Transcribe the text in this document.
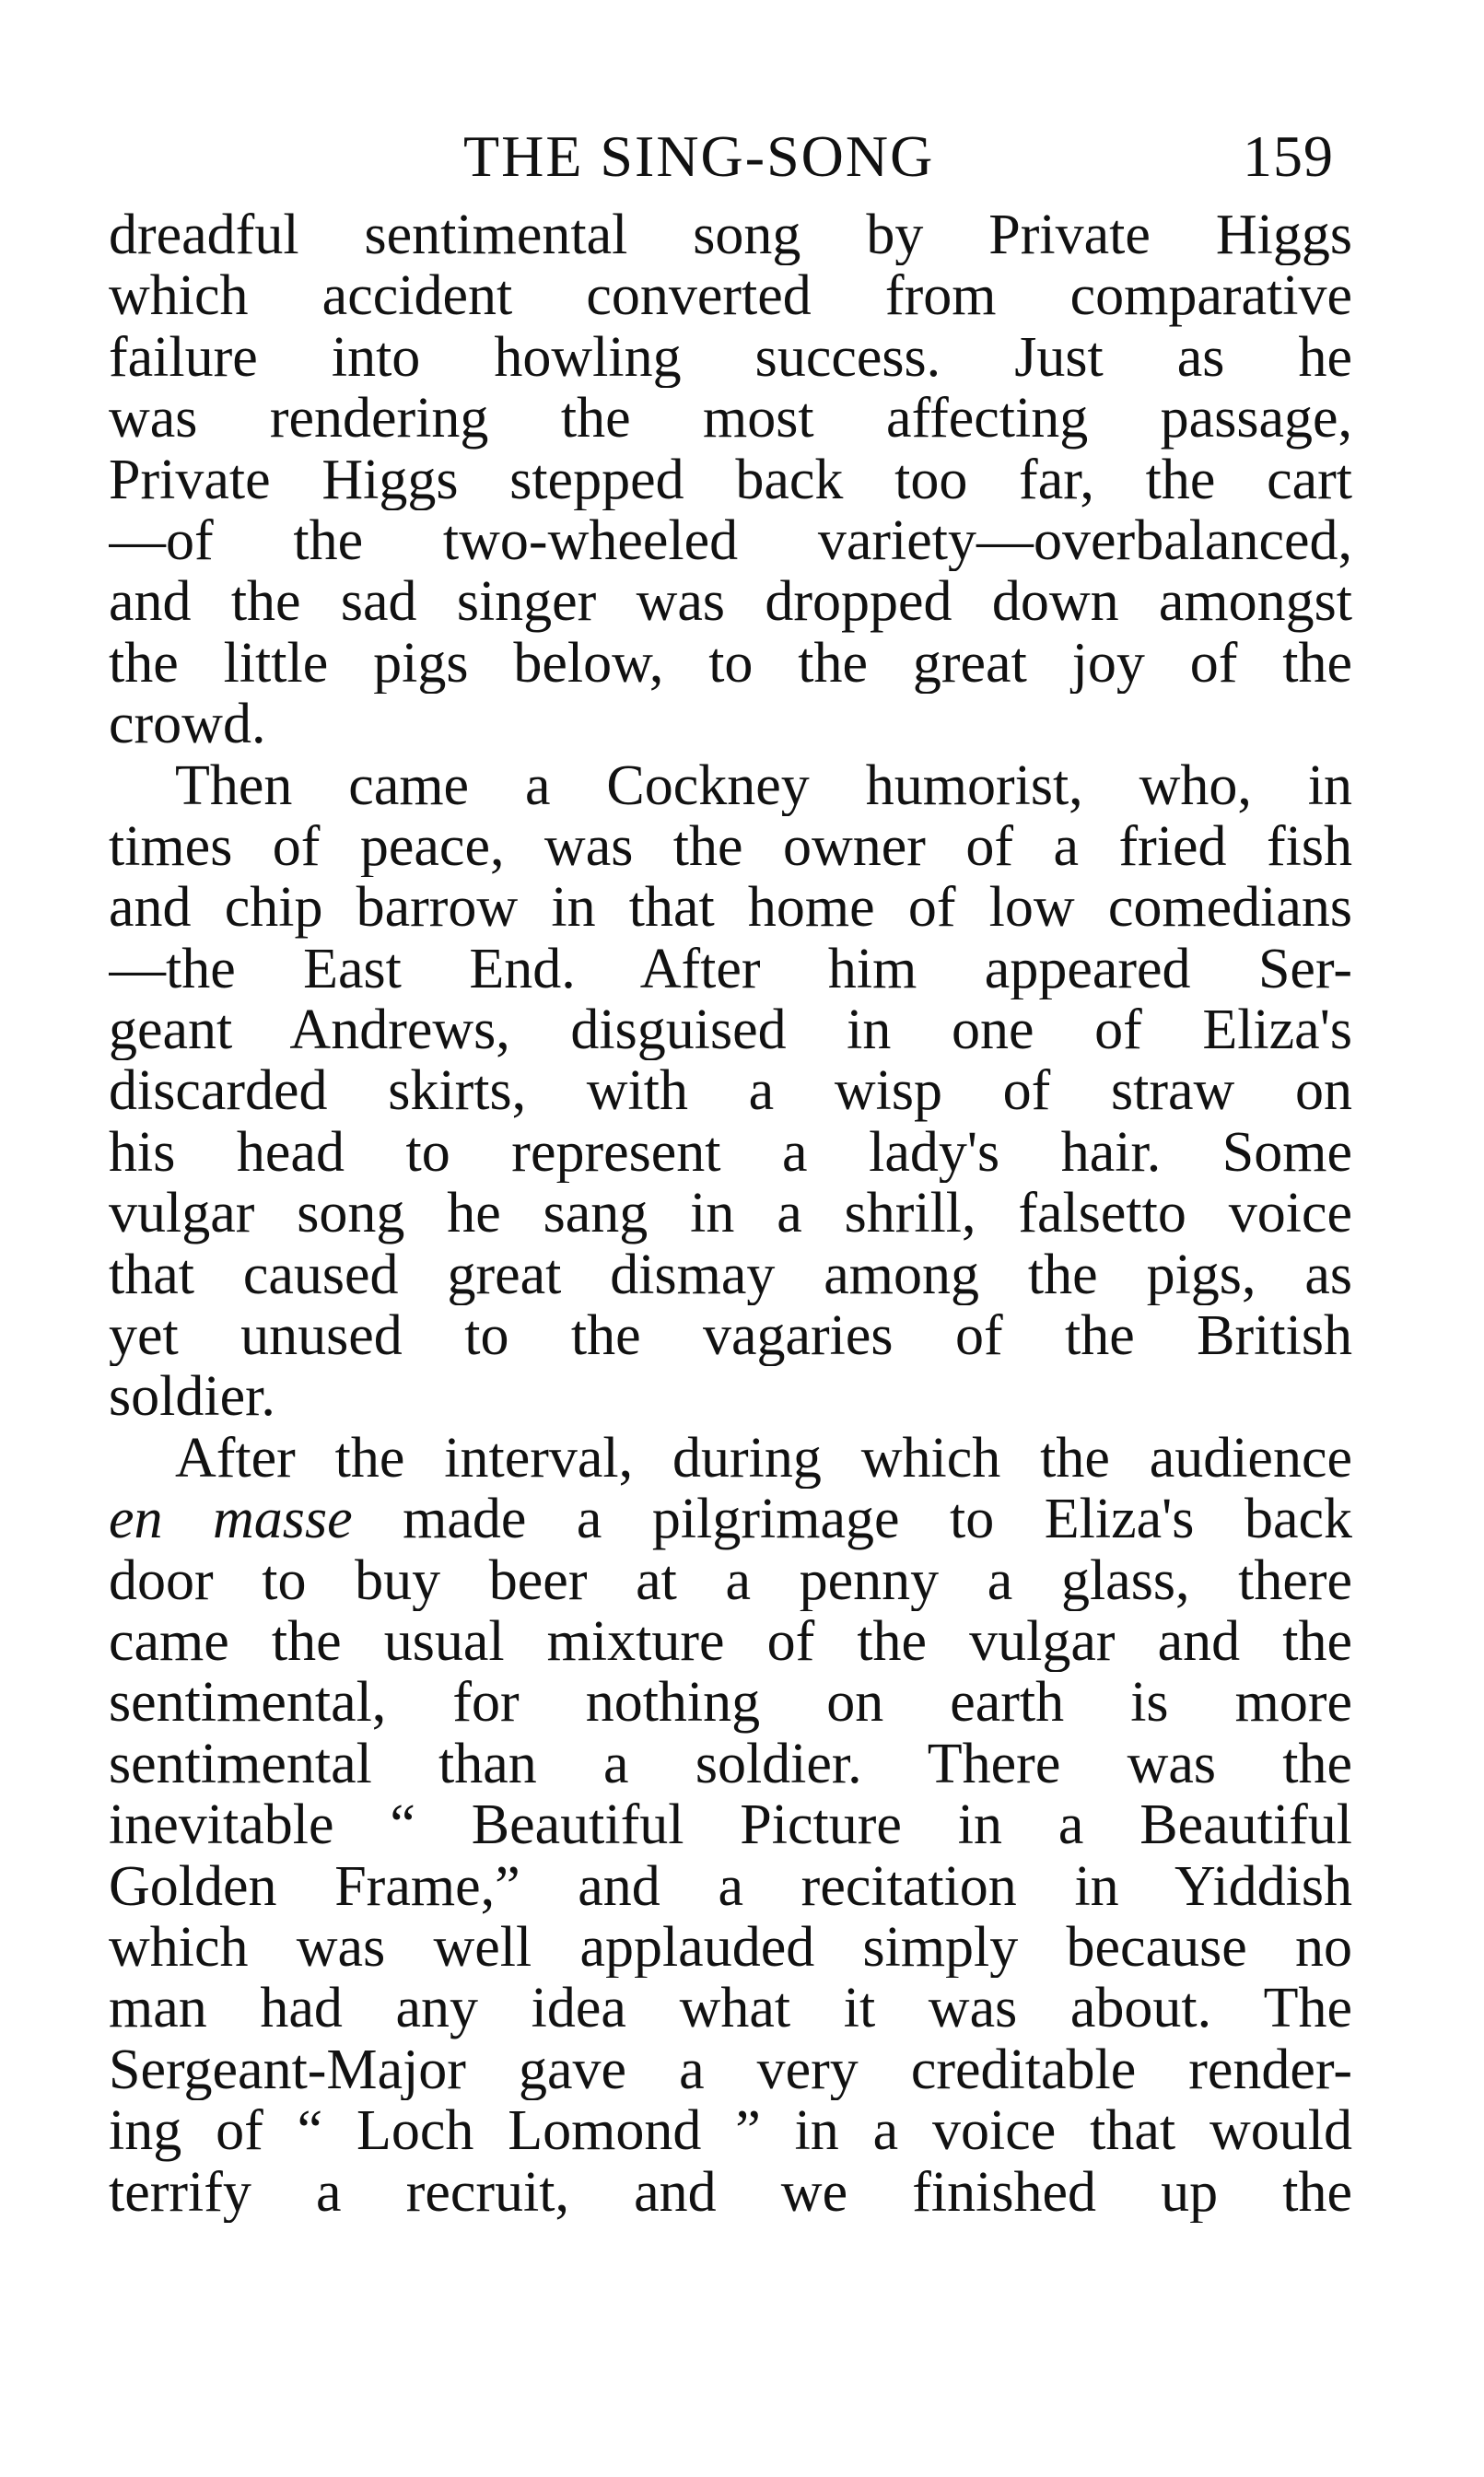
THE SING-SONG	159
dreadful sentimental song by Private Higgs
which accident converted from comparative
failure into howling success. Just as he
was rendering the most affecting passage,
Private Higgs stepped back too far, the cart
—of the two-wheeled variety—overbalanced,
and the sad singer was dropped down amongst
the little pigs below, to the great joy of the
crowd.
Then came a Cockney humorist, who, in
times of peace, was the owner of a fried fish
and chip barrow in that home of low comedians
—the East End. After him appeared Ser-
geant Andrews, disguised in one of Eliza's
discarded skirts, with a wisp of straw on
his head to represent a lady's hair. Some
vulgar song he sang in a shrill, falsetto voice
that caused great dismay among the pigs, as
yet unused to the vagaries of the British
soldier.
After the interval, during which the audience
en masse made a pilgrimage to Eliza's back
door to buy beer at a penny a glass, there
came the usual mixture of the vulgar and the
sentimental, for nothing on earth is more
sentimental than a soldier. There was the
inevitable “ Beautiful Picture in a Beautiful
Golden Frame,” and a recitation in Yiddish
which was well applauded simply because no
man had any idea what it was about. The
Sergeant-Major gave a very creditable render-
ing of “ Loch Lomond ” in a voice that would
terrify a recruit, and we finished up the
